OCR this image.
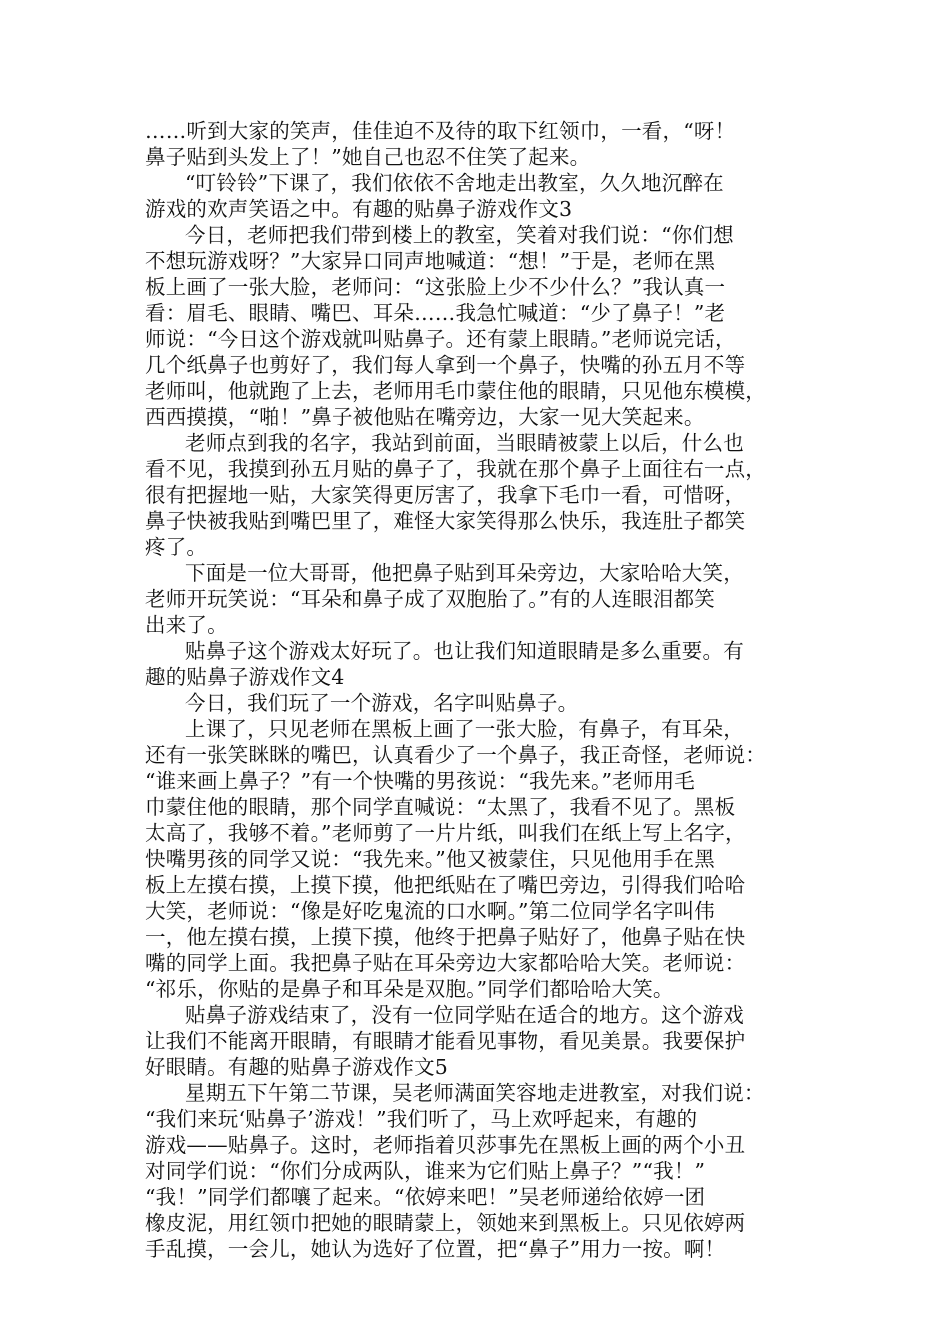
……听到大家的笑声，佳佳迫不及待的取下红领巾，一看，“呀！
鼻子贴到头发上了！”她自己也忍不住笑了起来。
“叮铃铃”下课了，我们依依不舍地走出教室，久久地沉醉在
游戏的欢声笑语之中。有趣的贴鼻子游戏作文3
今日，老师把我们带到楼上的教室，笑着对我们说：“你们想
不想玩游戏呀？”大家异口同声地喊道：“想！”于是，老师在黑
板上画了一张大脸，老师问：“这张脸上少不少什么？”我认真一
看：眉毛、眼睛、嘴巴、耳朵……我急忙喊道：“少了鼻子！”老
师说：“今日这个游戏就叫贴鼻子。还有蒙上眼睛。”老师说完话，
几个纸鼻子也剪好了，我们每人拿到一个鼻子，快嘴的孙五月不等
老师叫，他就跑了上去，老师用毛巾蒙住他的眼睛，只见他东模模，
西西摸摸，“啪！”鼻子被他贴在嘴旁边，大家一见大笑起来。
老师点到我的名字，我站到前面，当眼睛被蒙上以后，什么也
看不见，我摸到孙五月贴的鼻子了，我就在那个鼻子上面往右一点，
很有把握地一贴，大家笑得更厉害了，我拿下毛巾一看，可惜呀，
鼻子快被我贴到嘴巴里了，难怪大家笑得那么快乐，我连肚子都笑
疼了。
下面是一位大哥哥，他把鼻子贴到耳朵旁边，大家哈哈大笑，
老师开玩笑说：“耳朵和鼻子成了双胞胎了。”有的人连眼泪都笑
出来了。
贴鼻子这个游戏太好玩了。也让我们知道眼睛是多么重要。有
趣的贴鼻子游戏作文4
今日，我们玩了一个游戏，名字叫贴鼻子。
上课了，只见老师在黑板上画了一张大脸，有鼻子，有耳朵，
还有一张笑眯眯的嘴巴，认真看少了一个鼻子，我正奇怪，老师说：
“谁来画上鼻子？”有一个快嘴的男孩说：“我先来。”老师用毛
巾蒙住他的眼睛，那个同学直喊说：“太黑了，我看不见了。黑板
太高了，我够不着。”老师剪了一片片纸，叫我们在纸上写上名字，
快嘴男孩的同学又说：“我先来。”他又被蒙住，只见他用手在黑
板上左摸右摸，上摸下摸，他把纸贴在了嘴巴旁边，引得我们哈哈
大笑，老师说：“像是好吃鬼流的口水啊。”第二位同学名字叫伟
一，他左摸右摸，上摸下摸，他终于把鼻子贴好了，他鼻子贴在快
嘴的同学上面。我把鼻子贴在耳朵旁边大家都哈哈大笑。老师说：
“祁乐，你贴的是鼻子和耳朵是双胞。”同学们都哈哈大笑。
贴鼻子游戏结束了，没有一位同学贴在适合的地方。这个游戏
让我们不能离开眼睛，有眼睛才能看见事物，看见美景。我要保护
好眼睛。有趣的贴鼻子游戏作文5
星期五下午第二节课，吴老师满面笑容地走进教室，对我们说：
“我们来玩‘贴鼻子’游戏！”我们听了，马上欢呼起来，有趣的
游戏——贴鼻子。这时，老师指着贝莎事先在黑板上画的两个小丑
对同学们说：“你们分成两队，谁来为它们贴上鼻子？”“我！”
“我！”同学们都嚷了起来。“依婷来吧！”吴老师递给依婷一团
橡皮泥，用红领巾把她的眼睛蒙上，领她来到黑板上。只见依婷两
手乱摸，一会儿，她认为选好了位置，把“鼻子”用力一按。啊！
